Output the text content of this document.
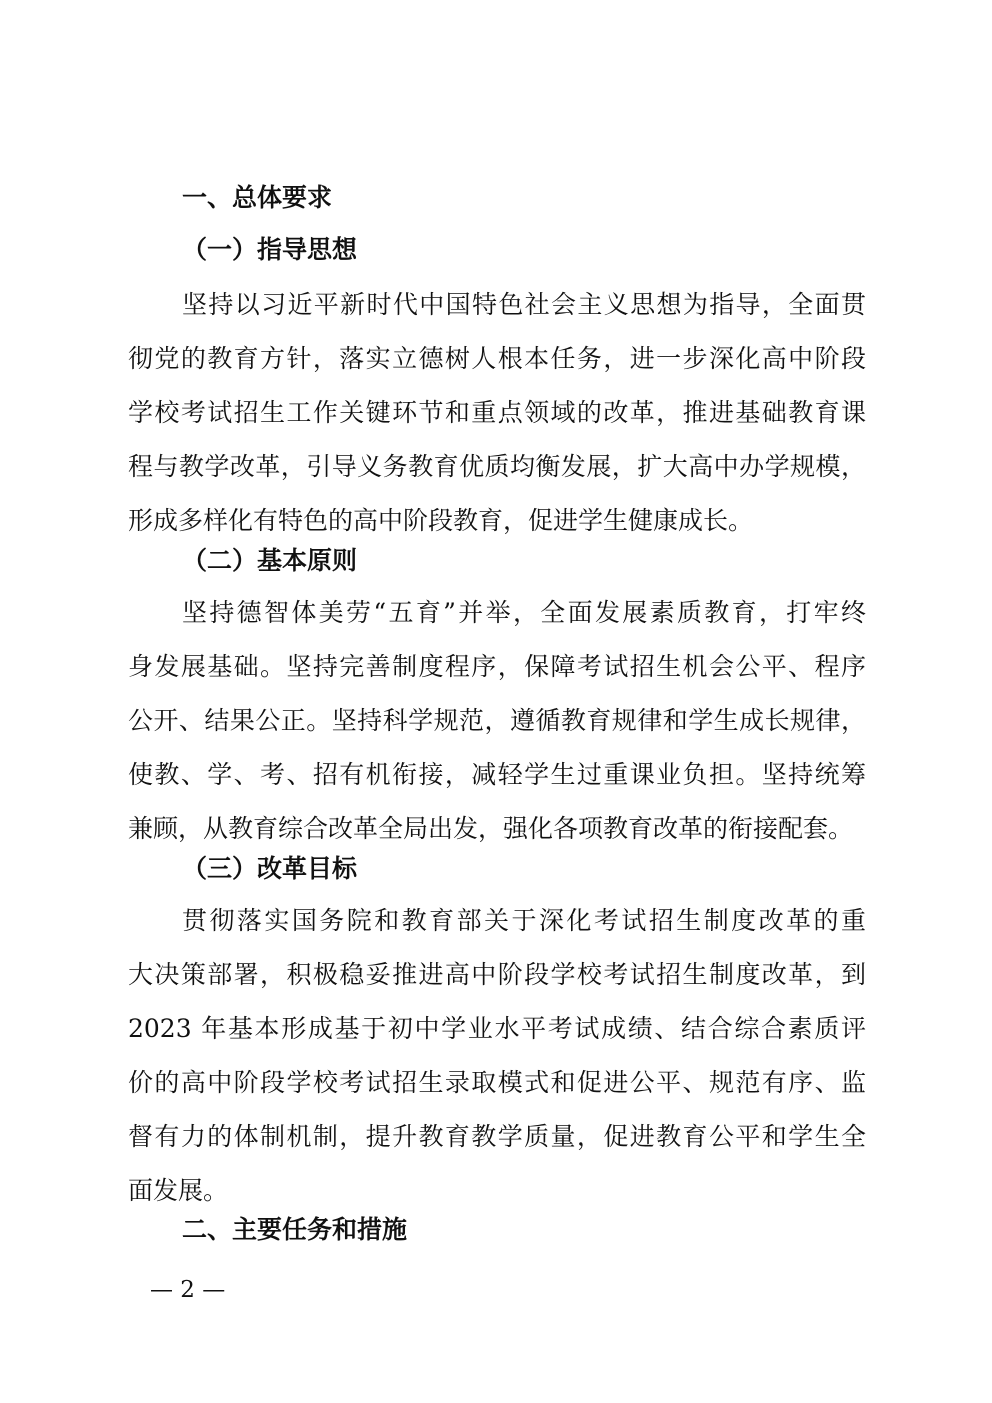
一、总体要求
（一）指导思想
坚持以习近平新时代中国特色社会主义思想为指导，全面贯
彻党的教育方针，落实立德树人根本任务，进一步深化高中阶段
学校考试招生工作关键环节和重点领域的改革，推进基础教育课
程与教学改革，引导义务教育优质均衡发展，扩大高中办学规模，
形成多样化有特色的高中阶段教育，促进学生健康成长。
（二）基本原则
坚持德智体美劳“五育”并举，全面发展素质教育，打牢终
身发展基础。坚持完善制度程序，保障考试招生机会公平、程序
公开、结果公正。坚持科学规范，遵循教育规律和学生成长规律，
使教、学、考、招有机衔接，减轻学生过重课业负担。坚持统筹
兼顾，从教育综合改革全局出发，强化各项教育改革的衔接配套。
（三）改革目标
贯彻落实国务院和教育部关于深化考试招生制度改革的重
大决策部署，积极稳妥推进高中阶段学校考试招生制度改革，到
2023 年基本形成基于初中学业水平考试成绩、结合综合素质评
价的高中阶段学校考试招生录取模式和促进公平、规范有序、监
督有力的体制机制，提升教育教学质量，促进教育公平和学生全
面发展。
二、主要任务和措施
— 2 —
